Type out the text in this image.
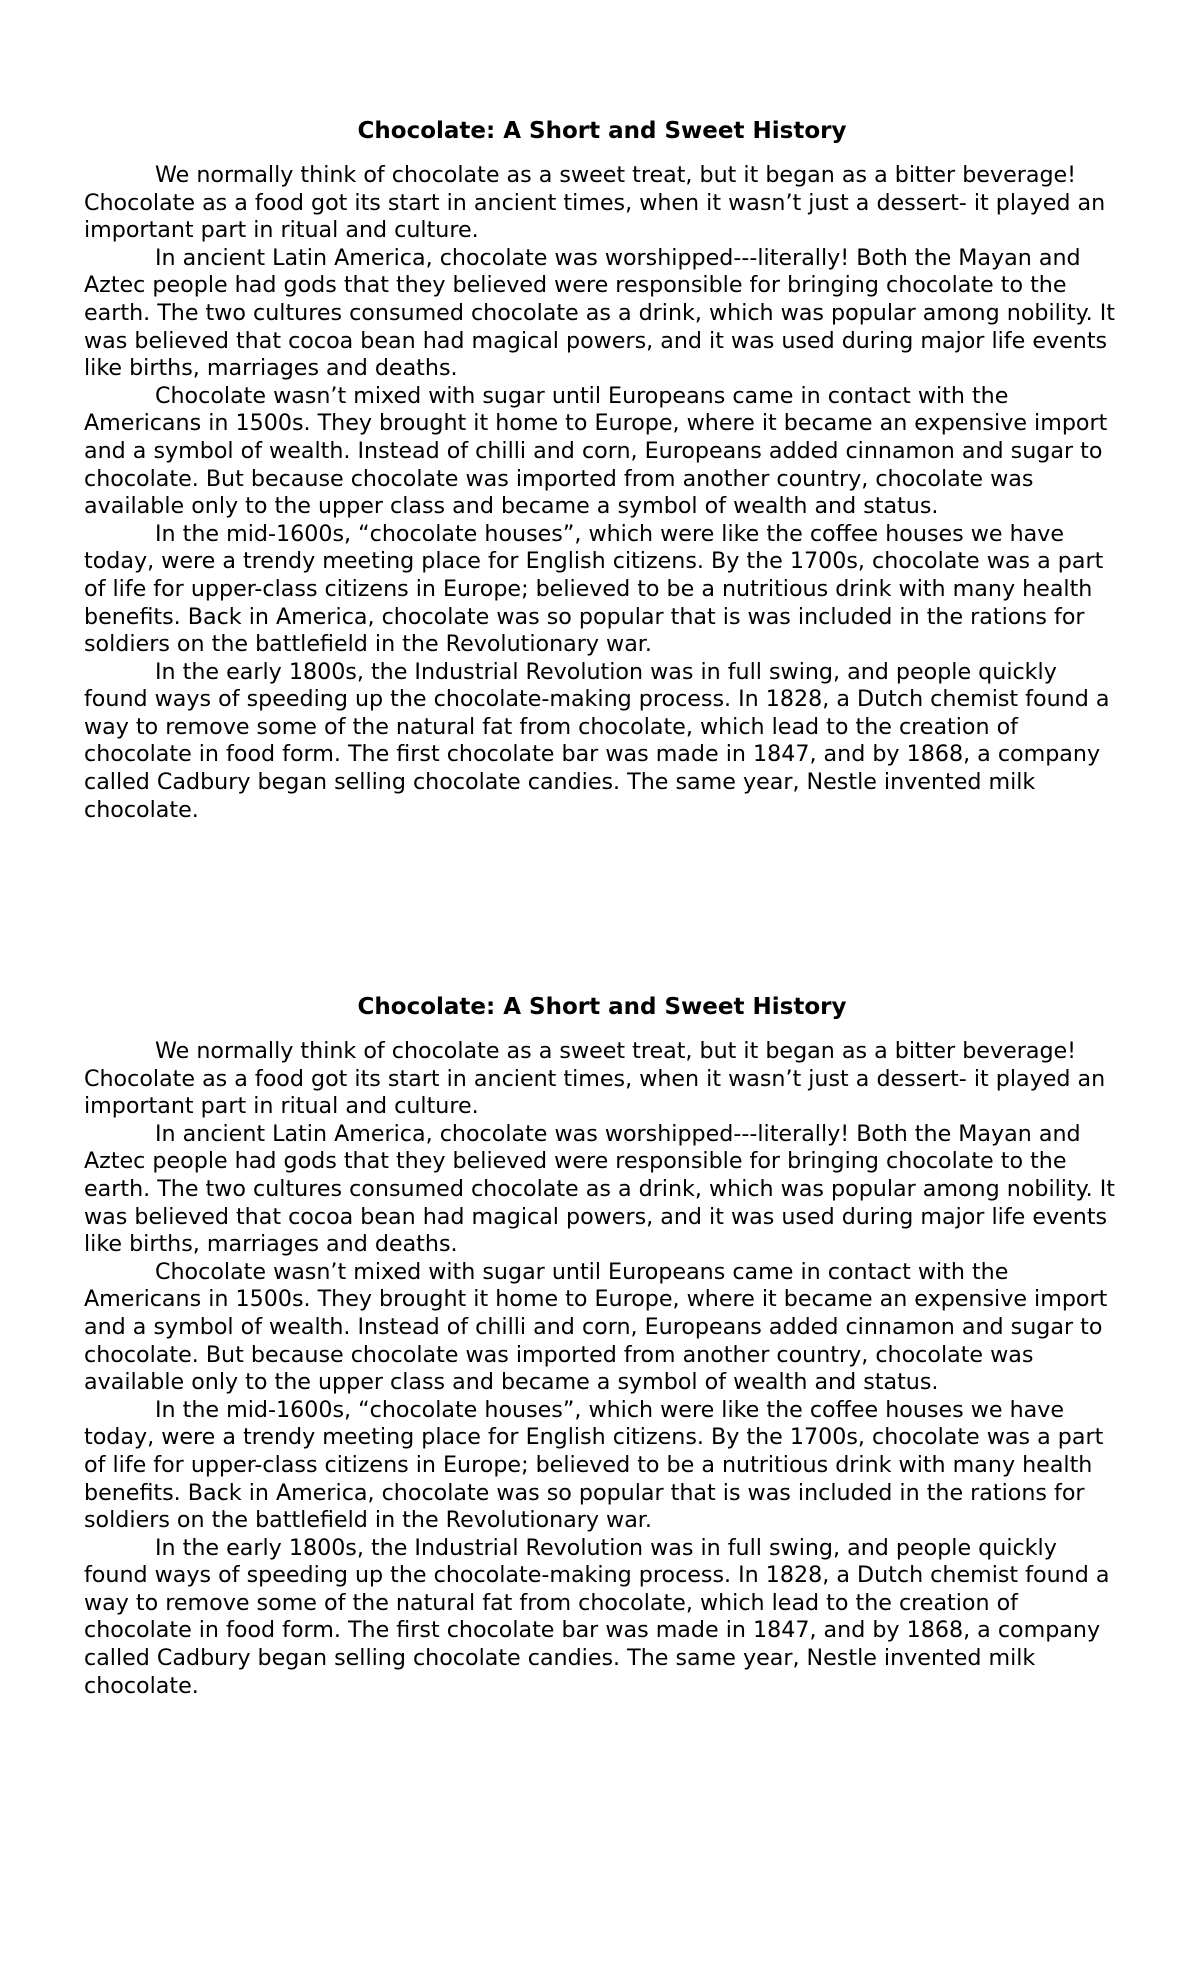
Chocolate: A Short and Sweet History

We normally think of chocolate as a sweet treat, but it began as a bitter beverage! Chocolate as a food got its start in ancient times, when it wasn’t just a dessert- it played an important part in ritual and culture.

In ancient Latin America, chocolate was worshipped---literally! Both the Mayan and Aztec people had gods that they believed were responsible for bringing chocolate to the earth. The two cultures consumed chocolate as a drink, which was popular among nobility. It was believed that cocoa bean had magical powers, and it was used during major life events like births, marriages and deaths.

Chocolate wasn’t mixed with sugar until Europeans came in contact with the Americans in 1500s. They brought it home to Europe, where it became an expensive import and a symbol of wealth. Instead of chilli and corn, Europeans added cinnamon and sugar to chocolate. But because chocolate was imported from another country, chocolate was available only to the upper class and became a symbol of wealth and status.

In the mid-1600s, “chocolate houses”, which were like the coffee houses we have today, were a trendy meeting place for English citizens. By the 1700s, chocolate was a part of life for upper-class citizens in Europe; believed to be a nutritious drink with many health benefits. Back in America, chocolate was so popular that is was included in the rations for soldiers on the battlefield in the Revolutionary war.

In the early 1800s, the Industrial Revolution was in full swing, and people quickly found ways of speeding up the chocolate-making process. In 1828, a Dutch chemist found a way to remove some of the natural fat from chocolate, which lead to the creation of chocolate in food form. The first chocolate bar was made in 1847, and by 1868, a company called Cadbury began selling chocolate candies. The same year, Nestle invented milk chocolate.

Chocolate: A Short and Sweet History

We normally think of chocolate as a sweet treat, but it began as a bitter beverage! Chocolate as a food got its start in ancient times, when it wasn’t just a dessert- it played an important part in ritual and culture.

In ancient Latin America, chocolate was worshipped---literally! Both the Mayan and Aztec people had gods that they believed were responsible for bringing chocolate to the earth. The two cultures consumed chocolate as a drink, which was popular among nobility. It was believed that cocoa bean had magical powers, and it was used during major life events like births, marriages and deaths.

Chocolate wasn’t mixed with sugar until Europeans came in contact with the Americans in 1500s. They brought it home to Europe, where it became an expensive import and a symbol of wealth. Instead of chilli and corn, Europeans added cinnamon and sugar to chocolate. But because chocolate was imported from another country, chocolate was available only to the upper class and became a symbol of wealth and status.

In the mid-1600s, “chocolate houses”, which were like the coffee houses we have today, were a trendy meeting place for English citizens. By the 1700s, chocolate was a part of life for upper-class citizens in Europe; believed to be a nutritious drink with many health benefits. Back in America, chocolate was so popular that is was included in the rations for soldiers on the battlefield in the Revolutionary war.

In the early 1800s, the Industrial Revolution was in full swing, and people quickly found ways of speeding up the chocolate-making process. In 1828, a Dutch chemist found a way to remove some of the natural fat from chocolate, which lead to the creation of chocolate in food form. The first chocolate bar was made in 1847, and by 1868, a company called Cadbury began selling chocolate candies. The same year, Nestle invented milk chocolate.
